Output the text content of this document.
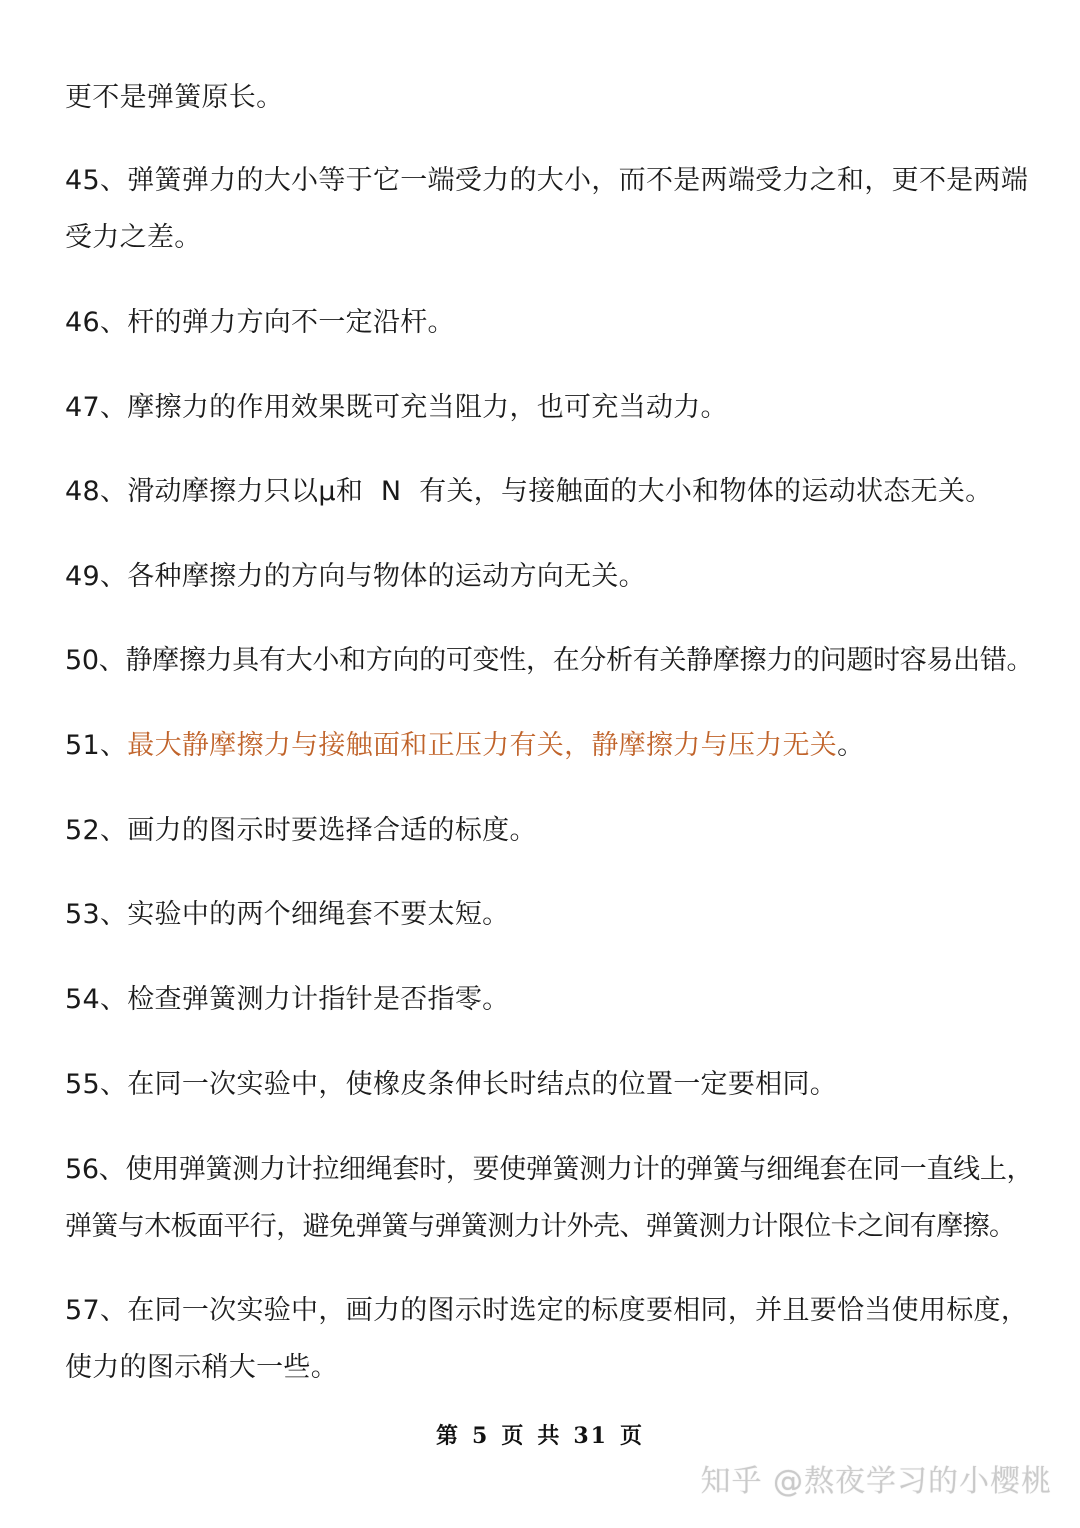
更不是弹簧原长。
45、弹簧弹力的大小等于它一端受力的大小，而不是两端受力之和，更不是两端
受力之差。
46、杆的弹力方向不一定沿杆。
47、摩擦力的作用效果既可充当阻力，也可充当动力。
48、滑动摩擦力只以μ和  N  有关，与接触面的大小和物体的运动状态无关。
49、各种摩擦力的方向与物体的运动方向无关。
50、静摩擦力具有大小和方向的可变性，在分析有关静摩擦力的问题时容易出错。
51、最大静摩擦力与接触面和正压力有关，静摩擦力与压力无关。
52、画力的图示时要选择合适的标度。
53、实验中的两个细绳套不要太短。
54、检查弹簧测力计指针是否指零。
55、在同一次实验中，使橡皮条伸长时结点的位置一定要相同。
56、使用弹簧测力计拉细绳套时，要使弹簧测力计的弹簧与细绳套在同一直线上，
弹簧与木板面平行，避免弹簧与弹簧测力计外壳、弹簧测力计限位卡之间有摩擦。
57、在同一次实验中，画力的图示时选定的标度要相同，并且要恰当使用标度，
使力的图示稍大一些。
第 5 页 共 31 页
知乎 @熬夜学习的小樱桃
